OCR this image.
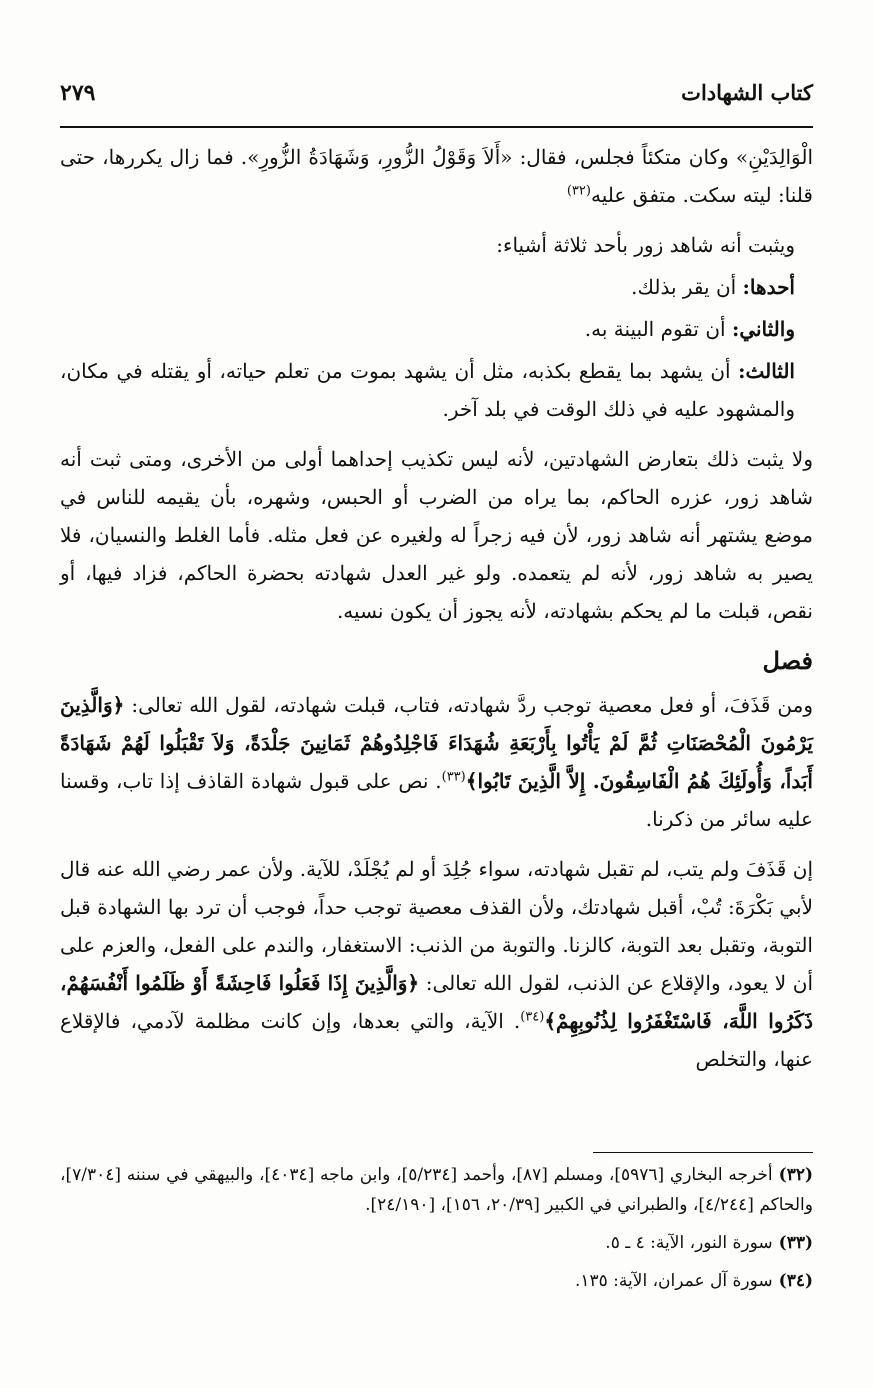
كتاب الشهادات
٢٧٩

الْوَالِدَيْنِ» وكان متكئاً فجلس، فقال: «أَلاَ وَقَوْلُ الزُّورِ، وَشَهَادَةُ الزُّورِ». فما زال يكررها، حتى قلنا: ليته سكت. متفق عليه$^{(٣٢)}$

ويثبت أنه شاهد زور بأحد ثلاثة أشياء:

أحدها: أن يقر بذلك.

والثاني: أن تقوم البينة به.

الثالث: أن يشهد بما يقطع بكذبه، مثل أن يشهد بموت من تعلم حياته، أو يقتله في مكان، والمشهود عليه في ذلك الوقت في بلد آخر.

ولا يثبت ذلك بتعارض الشهادتين، لأنه ليس تكذيب إحداهما أولى من الأخرى، ومتى ثبت أنه شاهد زور، عزره الحاكم، بما يراه من الضرب أو الحبس، وشهره، بأن يقيمه للناس في موضع يشتهر أنه شاهد زور، لأن فيه زجراً له ولغيره عن فعل مثله. فأما الغلط والنسيان، فلا يصير به شاهد زور، لأنه لم يتعمده. ولو غير العدل شهادته بحضرة الحاكم، فزاد فيها، أو نقص، قبلت ما لم يحكم بشهادته، لأنه يجوز أن يكون نسيه.

فصل

ومن قَذَفَ، أو فعل معصية توجب ردَّ شهادته، فتاب، قبلت شهادته، لقول الله تعالى: ﴿وَالَّذِينَ يَرْمُونَ الْمُحْصَنَاتِ ثُمَّ لَمْ يَأْتُوا بِأَرْبَعَةِ شُهَدَاءَ فَاجْلِدُوهُمْ ثَمَانِينَ جَلْدَةً، وَلاَ تَقْبَلُوا لَهُمْ شَهَادَةً أَبَداً، وَأُولَئِكَ هُمُ الْفَاسِقُونَ. إِلاَّ الَّذِينَ تَابُوا﴾$^{(٣٣)}$. نص على قبول شهادة القاذف إذا تاب، وقسنا عليه سائر من ذكرنا.

إن قَذَفَ ولم يتب، لم تقبل شهادته، سواء جُلِدَ أو لم يُجْلَدْ، للآية. ولأن عمر رضي الله عنه قال لأبي بَكْرَةَ: تُبْ، أقبل شهادتك، ولأن القذف معصية توجب حداً، فوجب أن ترد بها الشهادة قبل التوبة، وتقبل بعد التوبة، كالزنا. والتوبة من الذنب: الاستغفار، والندم على الفعل، والعزم على أن لا يعود، والإقلاع عن الذنب، لقول الله تعالى: ﴿وَالَّذِينَ إِذَا فَعَلُوا فَاحِشَةً أَوْ ظَلَمُوا أَنْفُسَهُمْ، ذَكَرُوا اللَّهَ، فَاسْتَغْفَرُوا لِذُنُوبِهِمْ﴾$^{(٣٤)}$. الآية، والتي بعدها، وإن كانت مظلمة لآدمي، فالإقلاع عنها، والتخلص

(٣٢)أخرجه البخاري [٥٩٧٦]، ومسلم [٨٧]، وأحمد [٥/٢٣٤]، وابن ماجه [٤٠٣٤]، والبيهقي في سننه [٧/٣٠٤]، والحاكم [٤/٢٤٤]، والطبراني في الكبير [٢٠/٣٩، ١٥٦]، [٢٤/١٩٠].

(٣٣)سورة النور، الآية: ٤ ـ ٥.

(٣٤)سورة آل عمران، الآية: ١٣٥.
